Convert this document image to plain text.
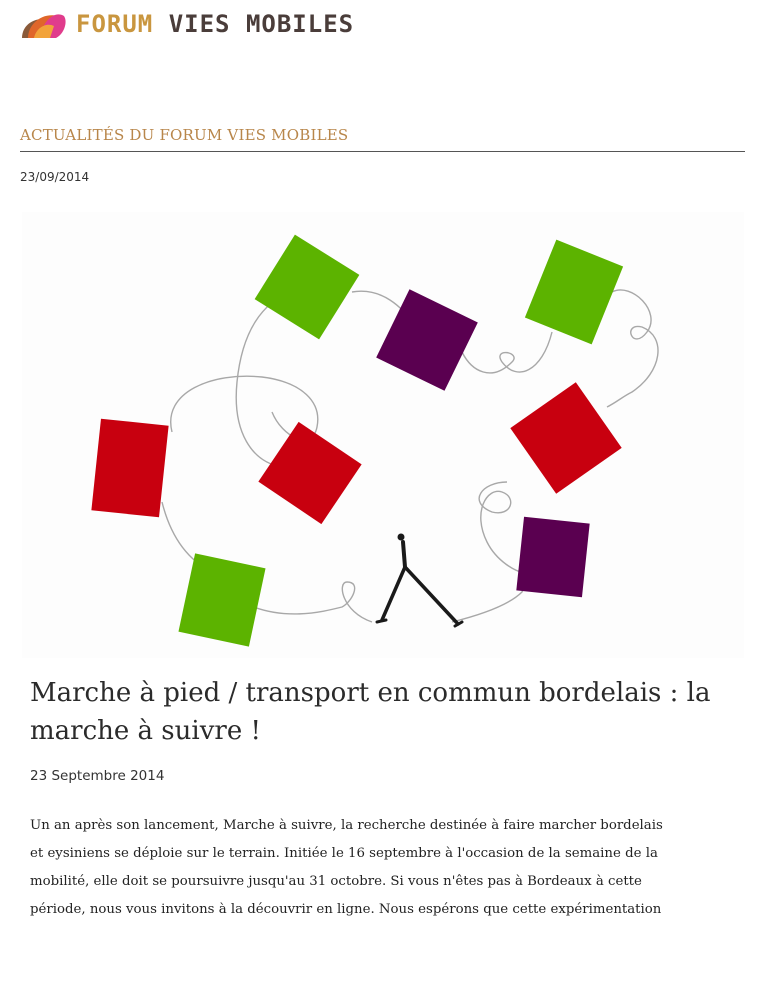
FORUM VIES MOBILES
ACTUALITÉS DU FORUM VIES MOBILES
23/09/2014
Marche à pied / transport en commun bordelais : la marche à suivre !
23 Septembre 2014

Un an après son lancement, Marche à suivre, la recherche destinée à faire marcher bordelais

et eysiniens se déploie sur le terrain. Initiée le 16 septembre à l'occasion de la semaine de la

mobilité, elle doit se poursuivre jusqu'au 31 octobre. Si vous n'êtes pas à Bordeaux à cette

période, nous vous invitons à la découvrir en ligne. Nous espérons que cette expérimentation
